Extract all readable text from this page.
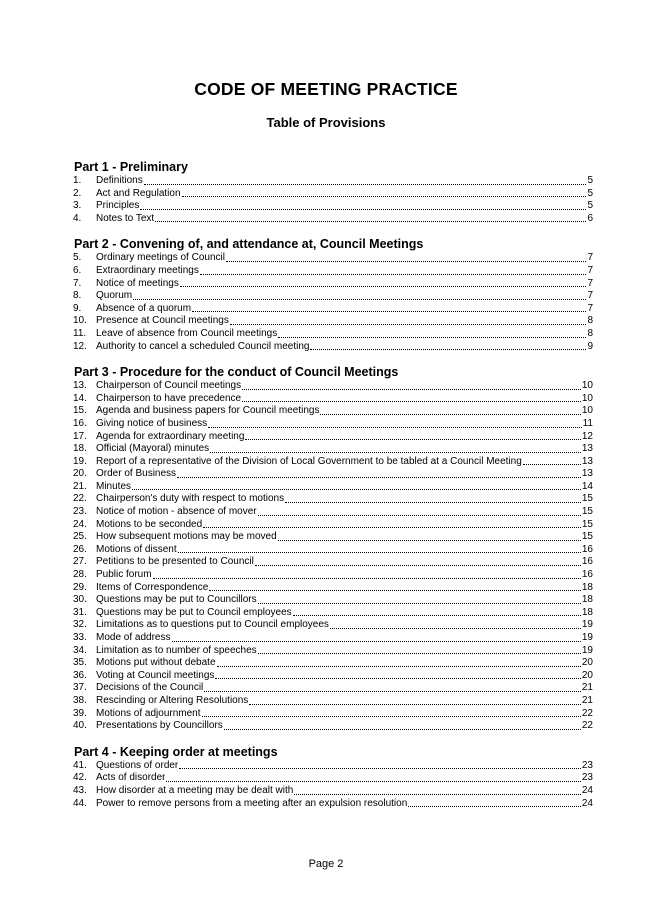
CODE OF MEETING PRACTICE
Table of Provisions
Part 1 - Preliminary
1.	Definitions	5
2.	Act and Regulation	5
3.	Principles	5
4.	Notes to Text	6
Part 2 - Convening of, and attendance at, Council Meetings
5.	Ordinary meetings of Council	7
6.	Extraordinary meetings	7
7.	Notice of meetings	7
8.	Quorum	7
9.	Absence of a quorum	7
10. Presence at Council meetings	8
11. Leave of absence from Council meetings	8
12. Authority to cancel a scheduled Council meeting	9
Part 3 - Procedure for the conduct of Council Meetings
13. Chairperson of Council meetings	10
14. Chairperson to have precedence	10
15. Agenda and business papers for Council meetings	10
16. Giving notice of business	11
17. Agenda for extraordinary meeting	12
18. Official (Mayoral) minutes	13
19. Report of a representative of the Division of Local Government to be tabled at a Council Meeting	13
20. Order of Business	13
21. Minutes	14
22. Chairperson's duty with respect to motions	15
23. Notice of motion - absence of mover	15
24. Motions to be seconded	15
25. How subsequent motions may be moved	15
26. Motions of dissent	16
27. Petitions to be presented to Council	16
28. Public forum	16
29. Items of Correspondence	18
30. Questions may be put to Councillors	18
31. Questions may be put to Council employees	18
32. Limitations as to questions put to Council employees	19
33. Mode of address	19
34. Limitation as to number of speeches	19
35. Motions put without debate	20
36. Voting at Council meetings	20
37. Decisions of the Council	21
38. Rescinding or Altering Resolutions	21
39. Motions of adjournment	22
40. Presentations by Councillors	22
Part 4 - Keeping order at meetings
41. Questions of order	23
42. Acts of disorder	23
43. How disorder at a meeting may be dealt with	24
44. Power to remove persons from a meeting after an expulsion resolution	24
Page 2
